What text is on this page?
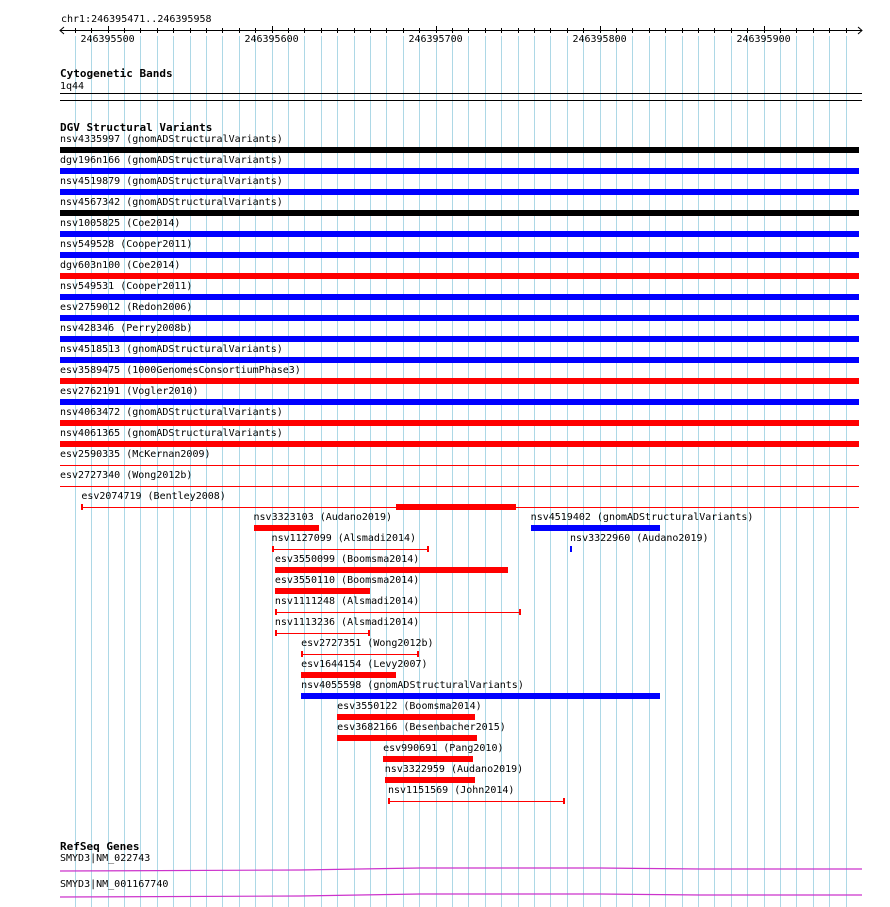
chr1:246395471..246395958
246395500	246395600	246395700	246395800	246395900
Cytogenetic Bands
1q44
DGV Structural Variants
nsv4335997 (gnomADStructuralVariants)
dgv196n166 (gnomADStructuralVariants)
nsv4519879 (gnomADStructuralVariants)
nsv4567342 (gnomADStructuralVariants)
nsv1005825 (Coe2014)
nsv549528 (Cooper2011)
dgv603n100 (Coe2014)
nsv549531 (Cooper2011)
esv2759012 (Redon2006)
nsv428346 (Perry2008b)
nsv4518513 (gnomADStructuralVariants)
esv3589475 (1000GenomesConsortiumPhase3)
esv2762191 (Vogler2010)
nsv4063472 (gnomADStructuralVariants)
nsv4061365 (gnomADStructuralVariants)
esv2590335 (McKernan2009)
esv2727340 (Wong2012b)
esv2074719 (Bentley2008)
nsv3323103 (Audano2019)	nsv4519402 (gnomADStructuralVariants)
nsv1127099 (Alsmadi2014)	nsv3322960 (Audano2019)
esv3550099 (Boomsma2014)
esv3550110 (Boomsma2014)
nsv1111248 (Alsmadi2014)
nsv1113236 (Alsmadi2014)
esv2727351 (Wong2012b)
esv1644154 (Levy2007)
nsv4055598 (gnomADStructuralVariants)
esv3550122 (Boomsma2014)
esv3682166 (Besenbacher2015)
esv990691 (Pang2010)
nsv3322959 (Audano2019)
nsv1151569 (John2014)
RefSeq Genes
SMYD3|NM_022743
SMYD3|NM_001167740
